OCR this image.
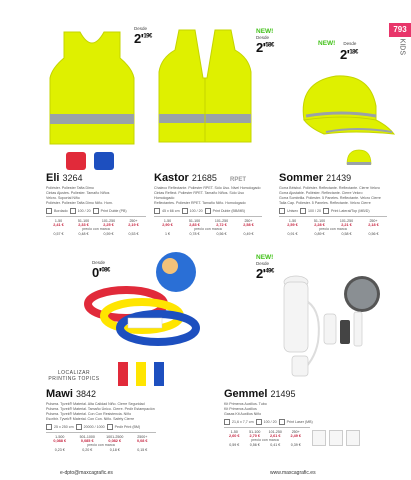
793
KIDS
Desde
$2'^{19€}$
Eli 3264
Poliéster. Poliester Tafta Dimo
Cintas Ajustes. Poliester. Tamaño Niños
Velcro. Soportal Niño
Poliéster. Poliester Tafta Dimo Niño. Hom.
Bordado	100 / 20	Print Duble (PB)
1-50	51-100	101-250	250+
2,41 €	2,33 €	2,25 €	2,19 €
precio con marca
0,57 €	0,48 €	0,59 €	0,53 €
NEW!
Desde
$2'^{58€}$
Kastor 21685 RPET
Chaleco Reflectante. Poliester RPET. Sólo Uso. Nivel Homologado
Cintas Reflect. Poliester RPET. Tamaño Niños. Sólo Uso Homologado
Reflectantes. Poliester RPET. Tamaño Niño. Homologado
45 x 66 cm	100 / 20	Print Duble (BB/MB)
1-50	51-100	101-250	250+
2,90 €	2,83 €	2,72 €	2,58 €
precio con marca
1 €	0,78 €	0,56 €	0,49 €
NEW! Desde
$2'^{18€}$
Sommer 21439
Gorra Béisbol. Poliéster. Reflectante. Reflectante. Cierre Velcro
Gorra Ajustable. Poliéster. Reflectante. Cierre Velcro
Gorra Sombrilla. Poliester. 5 Paneles. Reflectante. Velcro Cierre
Talla Cap. Poliester. 5 Paneles. Reflectante. Velcro Cierre
Unisex	100 / 20	Print Lateral/Top (MB/D)
1-50	51-100	101-250	250+
2,59 €	2,28 €	2,21 €	2,18 €
precio con marca
0,91 €	0,89 €	0,58 €	0,56 €
Desde
$0'^{08€}$
LOCALIZAR PRINTING TOPICS
Mawi 3842
Pulsera. Tyvek® Material. Alta Calidad Niño. Cierre Seguridad
Pulsera. Tyvek® Material. Tamaño Único. Cierre. Pedir Estampación
Pulsera. Tyvek® Material. Con Con Resistencia. Niño
Escribir. Tyvek® Material. Con Con. Niño. Safety Cierre
25 x 250 cm	20000 / 1000	Pedir Print (BM)
1-500	501-1000	1001-2500	2500+
0,088 €	0,085 €	0,082 €	0,08 €
precio con marca
0,23 €	0,20 €	0,18 €	0,15 €
NEW!
Desde
$2'^{49€}$
Gemmel 21495
Kit Primeros Auxilios. Tubo
Kit Primeros Auxilios
Gasas Kit Auxilios Niño
21,6 x 7,7 cm	100 / 20	Print Laser (MB)
1-50	51-100	101-250	250+
2,60 €	2,70 €	2,61 €	2,49 €
precio con marca
0,59 €	0,56 €	0,41 €	0,39 €
e-dpto@maxcagrafic.es	www.maxcagrafic.es
